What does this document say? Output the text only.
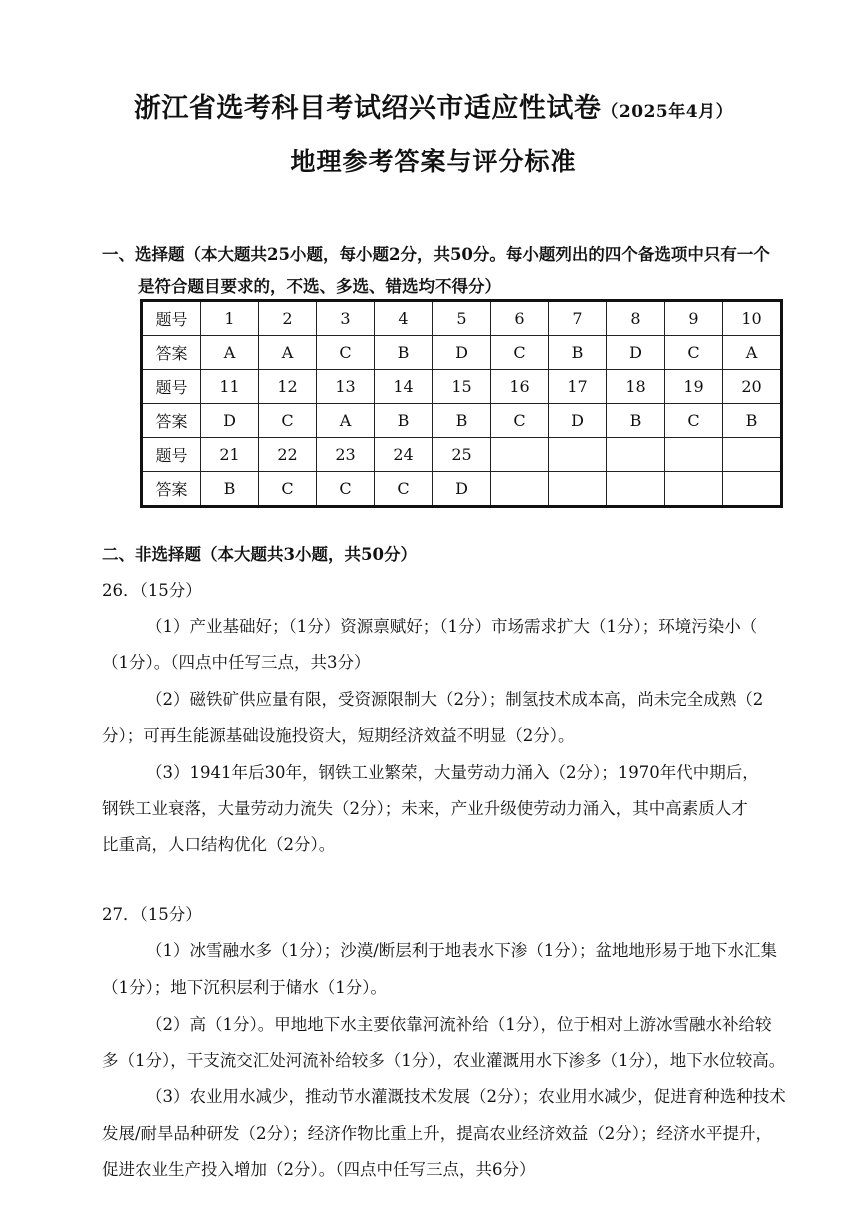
浙江省选考科目考试绍兴市适应性试卷（2025年4月）
地理参考答案与评分标准
一、选择题（本大题共25小题，每小题2分，共50分。每小题列出的四个备选项中只有一个
是符合题目要求的，不选、多选、错选均不得分）
题号	1	2	3	4	5	6	7	8	9	10
答案	A	A	C	B	D	C	B	D	C	A
题号	11	12	13	14	15	16	17	18	19	20
答案	D	C	A	B	B	C	D	B	C	B
题号	21	22	23	24	25					
答案	B	C	C	C	D					
二、非选择题（本大题共3小题，共50分）
26．（15分）
（1）产业基础好；（1分）资源禀赋好；（1分）市场需求扩大（1分）；环境污染小（
（1分）。（四点中任写三点，共3分）
（2）磁铁矿供应量有限，受资源限制大（2分）；制氢技术成本高，尚未完全成熟（2
分）；可再生能源基础设施投资大，短期经济效益不明显（2分）。
（3）1941年后30年，钢铁工业繁荣，大量劳动力涌入（2分）；1970年代中期后，
钢铁工业衰落，大量劳动力流失（2分）；未来，产业升级使劳动力涌入，其中高素质人才
比重高，人口结构优化（2分）。
27．（15分）
（1）冰雪融水多（1分）；沙漠/断层利于地表水下渗（1分）；盆地地形易于地下水汇集
（1分）；地下沉积层利于储水（1分）。
（2）高（1分）。甲地地下水主要依靠河流补给（1分），位于相对上游冰雪融水补给较
多（1分），干支流交汇处河流补给较多（1分），农业灌溉用水下渗多（1分），地下水位较高。
（3）农业用水减少，推动节水灌溉技术发展（2分）；农业用水减少，促进育种选种技术
发展/耐旱品种研发（2分）；经济作物比重上升，提高农业经济效益（2分）；经济水平提升，
促进农业生产投入增加（2分）。（四点中任写三点，共6分）
